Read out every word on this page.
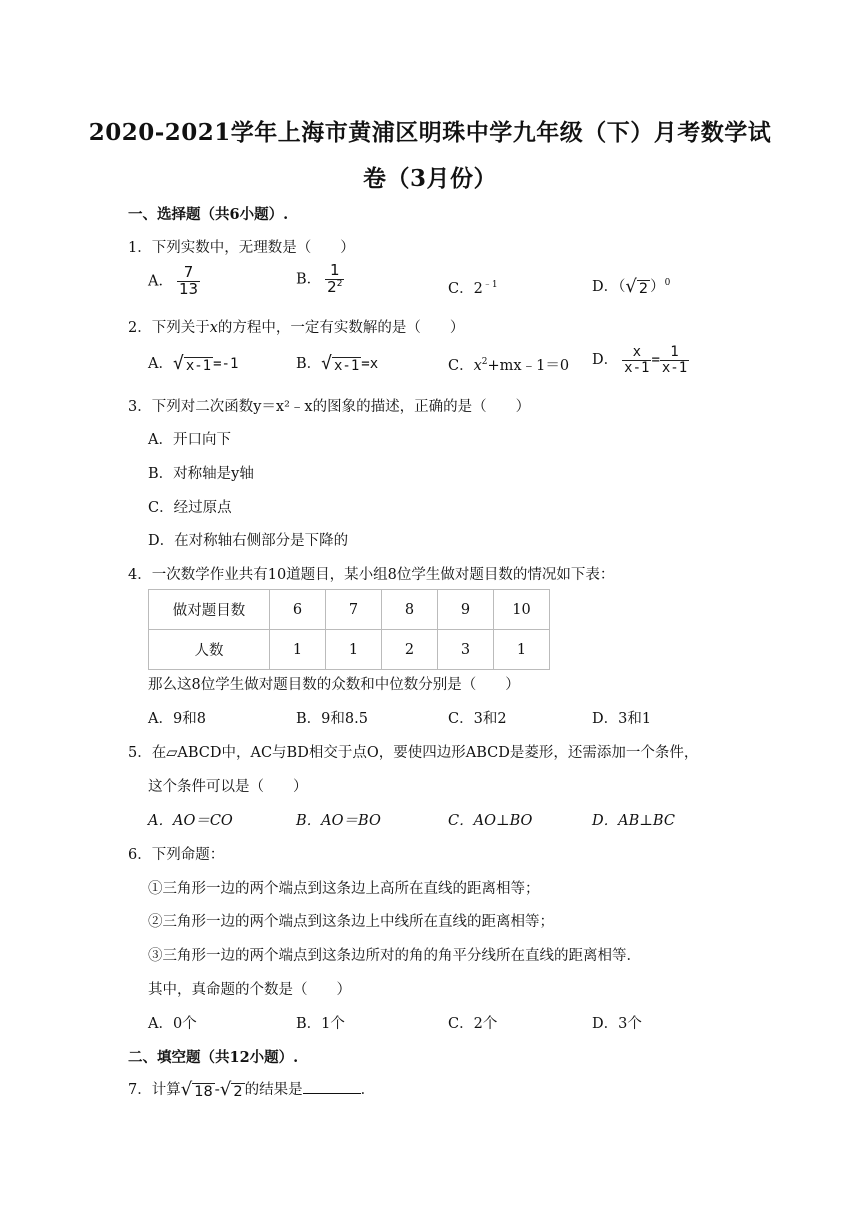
2020-2021学年上海市黄浦区明珠中学九年级（下）月考数学试
卷（3月份）
一、选择题（共6小题）.
1．下列实数中，无理数是（　　）
A． $\frac{7}{13}$	B． $\frac{1}{2^2}$	C．$2^{﹣1}$	D．（ √ 2 ）$^0$
2．下列关于x的方程中，一定有实数解的是（　　）
A． √ x-1 =-1	B． √ x-1 =x	C．$x^2+mx﹣1=0$ D． $\frac{x}{x-1} = \frac{1}{x-1}$
3．下列对二次函数y＝x²﹣x的图象的描述，正确的是（　　）
A．开口向下
B．对称轴是y轴
C．经过原点
D．在对称轴右侧部分是下降的
4．一次数学作业共有10道题目，某小组8位学生做对题目数的情况如下表：
做对题目数	6	7	8	9	10
人数	1	1	2	3	1
那么这8位学生做对题目数的众数和中位数分别是（　　）
A．9和8	B．9和8.5	C．3和2	D．3和1
5．在▱ABCD中，AC与BD相交于点O，要使四边形ABCD是菱形，还需添加一个条件，
这个条件可以是（　　）
A．AO＝CO	B．AO＝BO	C．AO⊥BO	D．AB⊥BC
6．下列命题：
①三角形一边的两个端点到这条边上高所在直线的距离相等；
②三角形一边的两个端点到这条边上中线所在直线的距离相等；
③三角形一边的两个端点到这条边所对的角的角平分线所在直线的距离相等．
其中，真命题的个数是（　　）
A．0个	B．1个	C．2个	D．3个
二、填空题（共12小题）.
7．计算 √ 18 - √ 2 的结果是	．
